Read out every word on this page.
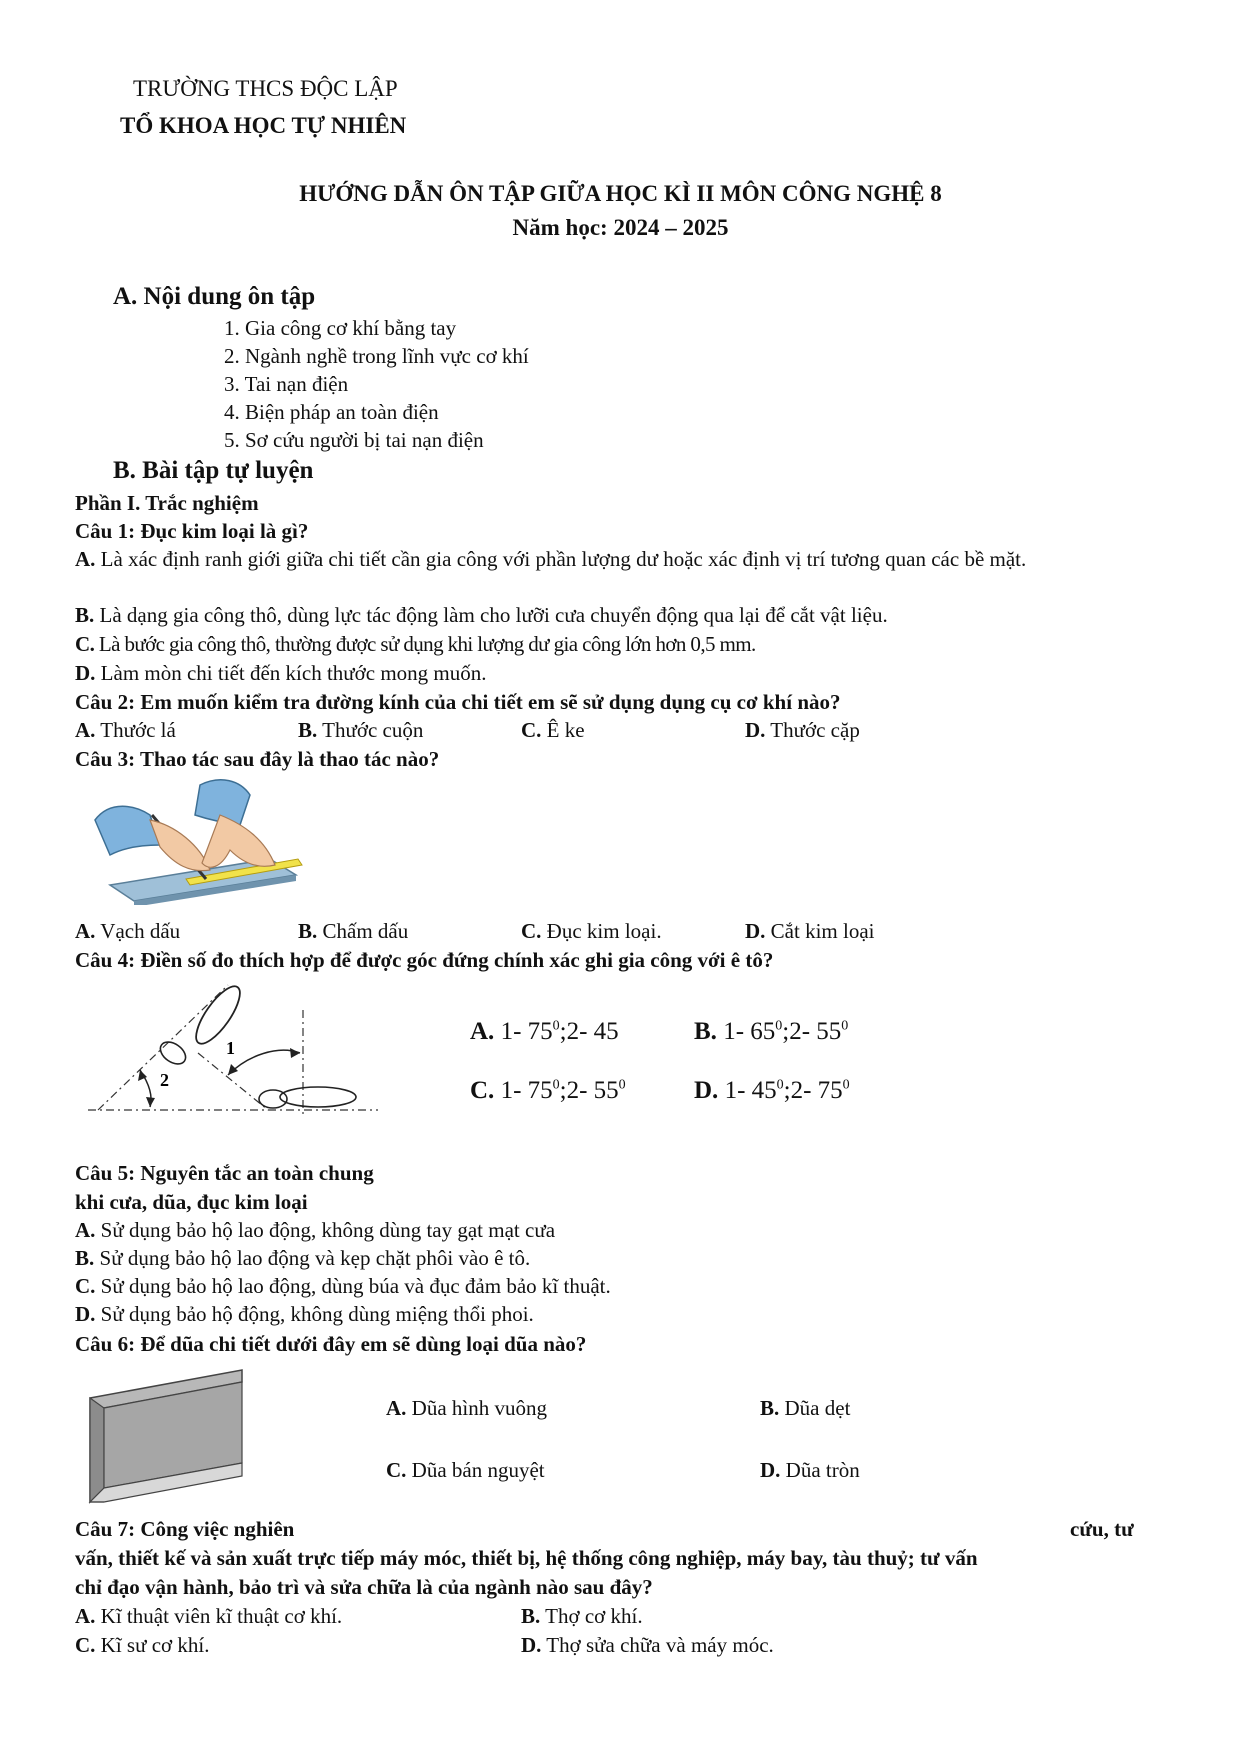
TRƯỜNG THCS ĐỘC LẬP
TỔ KHOA HỌC TỰ NHIÊN
HƯỚNG DẪN ÔN TẬP GIỮA HỌC KÌ II MÔN CÔNG NGHỆ 8
Năm học: 2024 – 2025
A. Nội dung ôn tập
1. Gia công cơ khí bằng tay
2. Ngành nghề trong lĩnh vực cơ khí
3. Tai nạn điện
4. Biện pháp an toàn điện
5. Sơ cứu người bị tai nạn điện
B. Bài tập tự luyện
Phần I. Trắc nghiệm
Câu 1: Đục kim loại là gì?
A. Là xác định ranh giới giữa chi tiết cần gia công với phần lượng dư hoặc xác định vị trí tương quan các bề mặt.
B. Là dạng gia công thô, dùng lực tác động làm cho lưỡi cưa chuyển động qua lại để cắt vật liệu.
C. Là bước gia công thô, thường được sử dụng khi lượng dư gia công lớn hơn 0,5 mm.
D. Làm mòn chi tiết đến kích thước mong muốn.
Câu 2: Em muốn kiểm tra đường kính của chi tiết em sẽ sử dụng dụng cụ cơ khí nào?
A. Thước lá	B. Thước cuộn	C. Ê ke	D. Thước cặp
Câu 3: Thao tác sau đây là thao tác nào?
A. Vạch dấu	B. Chấm dấu	C. Đục kim loại.	D. Cắt kim loại
Câu 4: Điền số đo thích hợp để được góc đứng chính xác ghi gia công với ê tô?
1
2
A. 1- $75^0;2-$ 45	B. 1- $65^0;2-$ $55^0$
C. 1- $75^0;2-$ $55^0$	D. 1- $45^0;2-$ $75^0$
Câu 5: Nguyên tắc an toàn chung
khi cưa, dũa, đục kim loại
A. Sử dụng bảo hộ lao động, không dùng tay gạt mạt cưa
B. Sử dụng bảo hộ lao động và kẹp chặt phôi vào ê tô.
C. Sử dụng bảo hộ lao động, dùng búa và đục đảm bảo kĩ thuật.
D. Sử dụng bảo hộ động, không dùng miệng thổi phoi.
Câu 6: Để dũa chi tiết dưới đây em sẽ dùng loại dũa nào?
A. Dũa hình vuông	B. Dũa dẹt
C. Dũa bán nguyệt	D. Dũa tròn
Câu 7: Công việc nghiên	cứu, tư
vấn, thiết kế và sản xuất trực tiếp máy móc, thiết bị, hệ thống công nghiệp, máy bay, tàu thuỷ; tư vấn
chỉ đạo vận hành, bảo trì và sửa chữa là của ngành nào sau đây?
A. Kĩ thuật viên kĩ thuật cơ khí.	B. Thợ cơ khí.
C. Kĩ sư cơ khí.	D. Thợ sửa chữa và máy móc.
